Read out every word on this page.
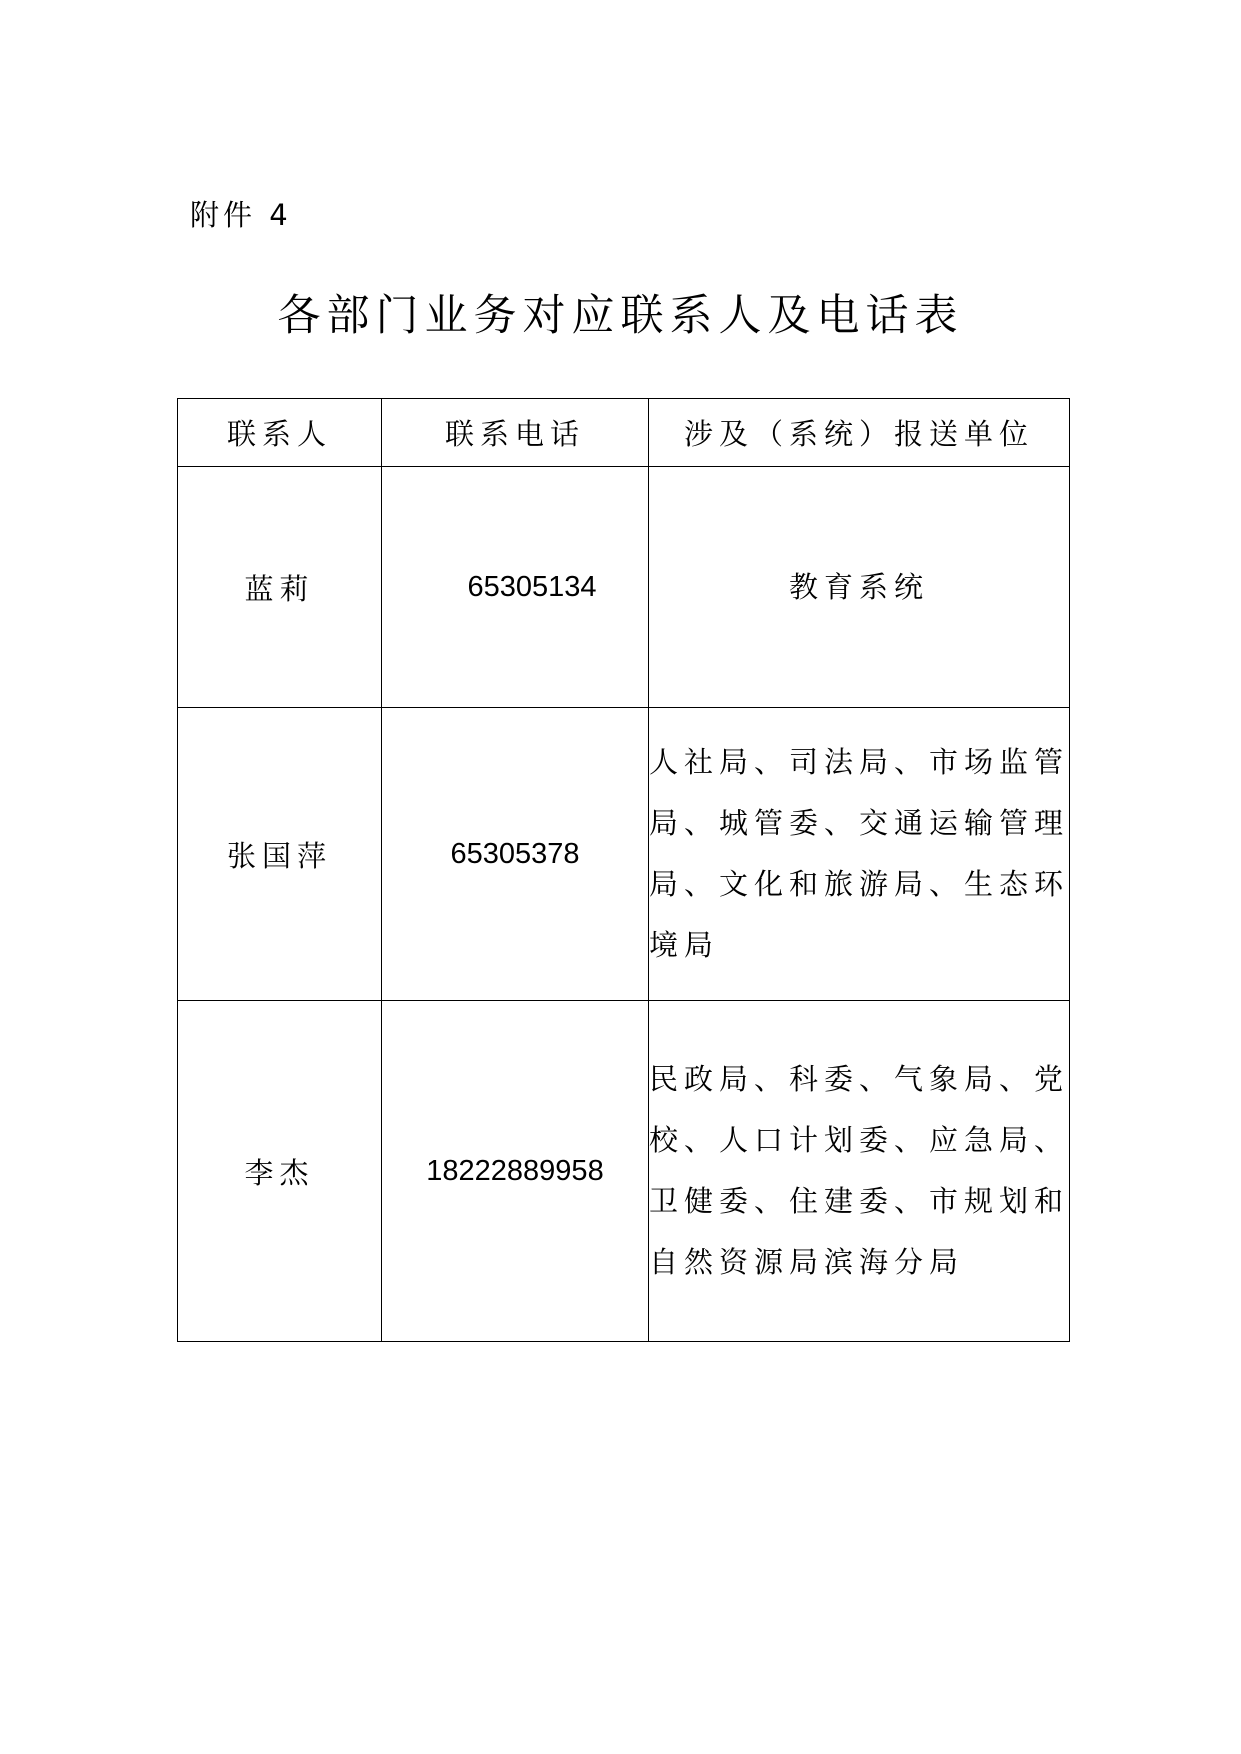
附件 4
各部门业务对应联系人及电话表
联系人	联系电话	涉及（系统）报送单位
蓝莉	65305134	教育系统
张国萍	65305378	人社局、司法局、市场监管局、城管委、交通运输管理局、文化和旅游局、生态环境局
李杰	18222889958	民政局、科委、气象局、党校、人口计划委、应急局、卫健委、住建委、市规划和自然资源局滨海分局
